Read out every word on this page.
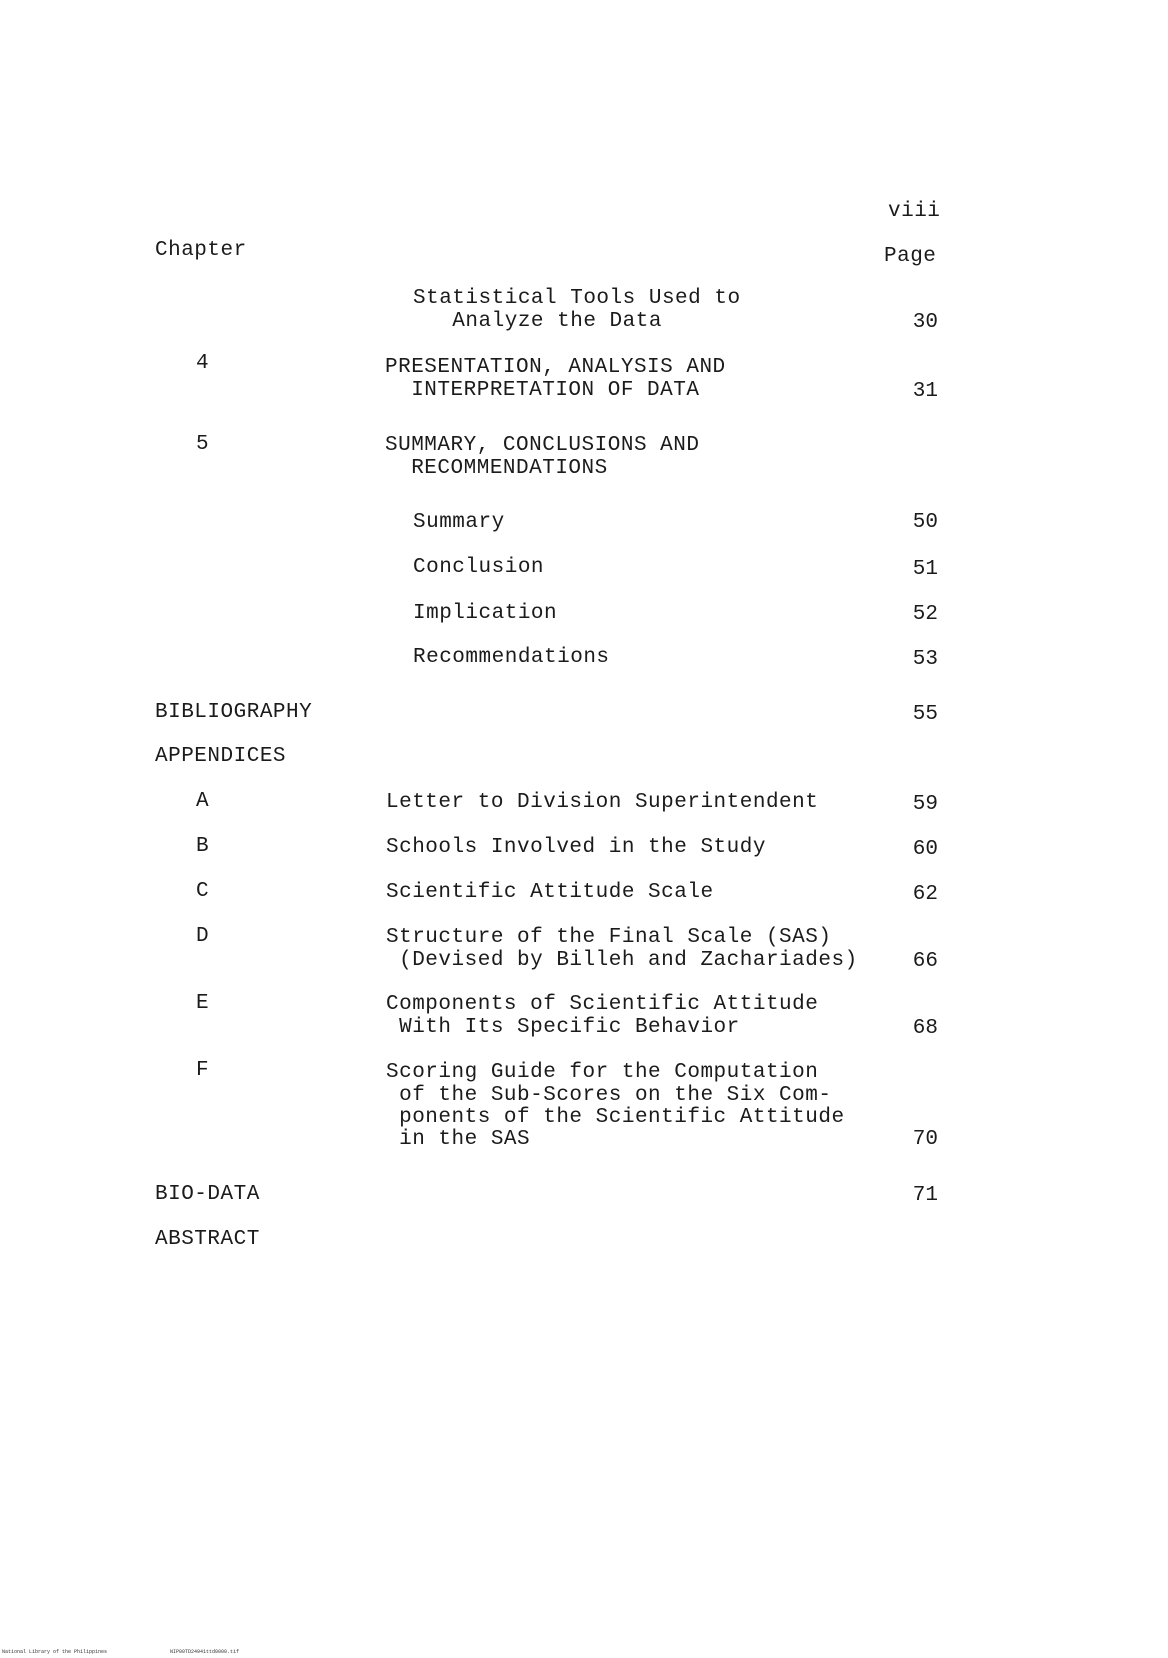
viii
Chapter	Page
Statistical Tools Used to
Analyze the Data	30
4	PRESENTATION, ANALYSIS AND
INTERPRETATION OF DATA	31
5	SUMMARY, CONCLUSIONS AND
RECOMMENDATIONS
Summary	50
Conclusion	51
Implication	52
Recommendations	53
BIBLIOGRAPHY	55
APPENDICES
A	Letter to Division Superintendent	59
B	Schools Involved in the Study	60
C	Scientific Attitude Scale	62
D	Structure of the Final Scale (SAS)
(Devised by Billeh and Zachariades)	66
E	Components of Scientific Attitude
With Its Specific Behavior	68
F	Scoring Guide for the Computation
of the Sub-Scores on the Six Com-
ponents of the Scientific Attitude
in the SAS	70
BIO-DATA	71
ABSTRACT
National Library of the Philippines	NIP00TD24941ttd0000.tif
